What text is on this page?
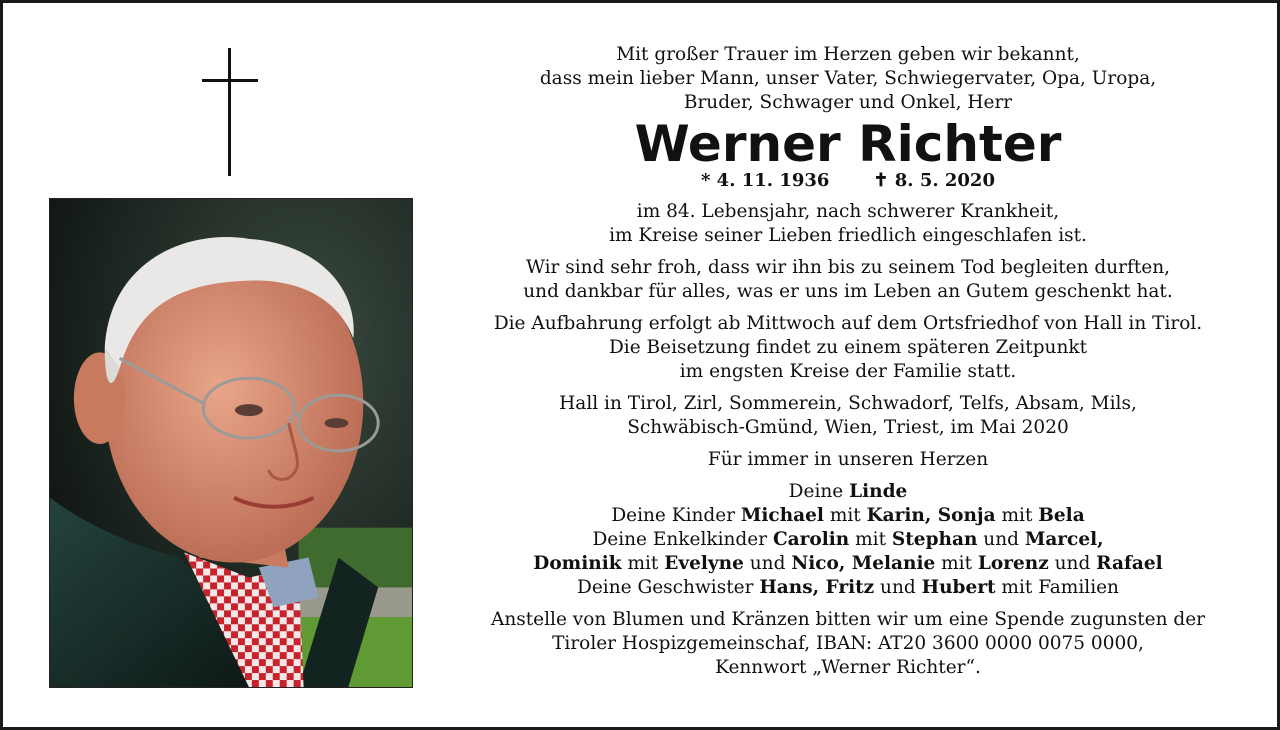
Mit großer Trauer im Herzen geben wir bekannt,

dass mein lieber Mann, unser Vater, Schwiegervater, Opa, Uropa,

Bruder, Schwager und Onkel, Herr

Werner Richter

* 4. 11. 1936 ✝ 8. 5. 2020

im 84. Lebensjahr, nach schwerer Krankheit,

im Kreise seiner Lieben friedlich eingeschlafen ist.

Wir sind sehr froh, dass wir ihn bis zu seinem Tod begleiten durften,

und dankbar für alles, was er uns im Leben an Gutem geschenkt hat.

Die Aufbahrung erfolgt ab Mittwoch auf dem Ortsfriedhof von Hall in Tirol.

Die Beisetzung findet zu einem späteren Zeitpunkt

im engsten Kreise der Familie statt.

Hall in Tirol, Zirl, Sommerein, Schwadorf, Telfs, Absam, Mils,

Schwäbisch-Gmünd, Wien, Triest, im Mai 2020

Für immer in unseren Herzen

Deine Linde

Deine Kinder Michael mit Karin, Sonja mit Bela

Deine Enkelkinder Carolin mit Stephan und Marcel,

Dominik mit Evelyne und Nico, Melanie mit Lorenz und Rafael

Deine Geschwister Hans, Fritz und Hubert mit Familien

Anstelle von Blumen und Kränzen bitten wir um eine Spende zugunsten der

Tiroler Hospizgemeinschaf, IBAN: AT20 3600 0000 0075 0000,

Kennwort „Werner Richter“.
